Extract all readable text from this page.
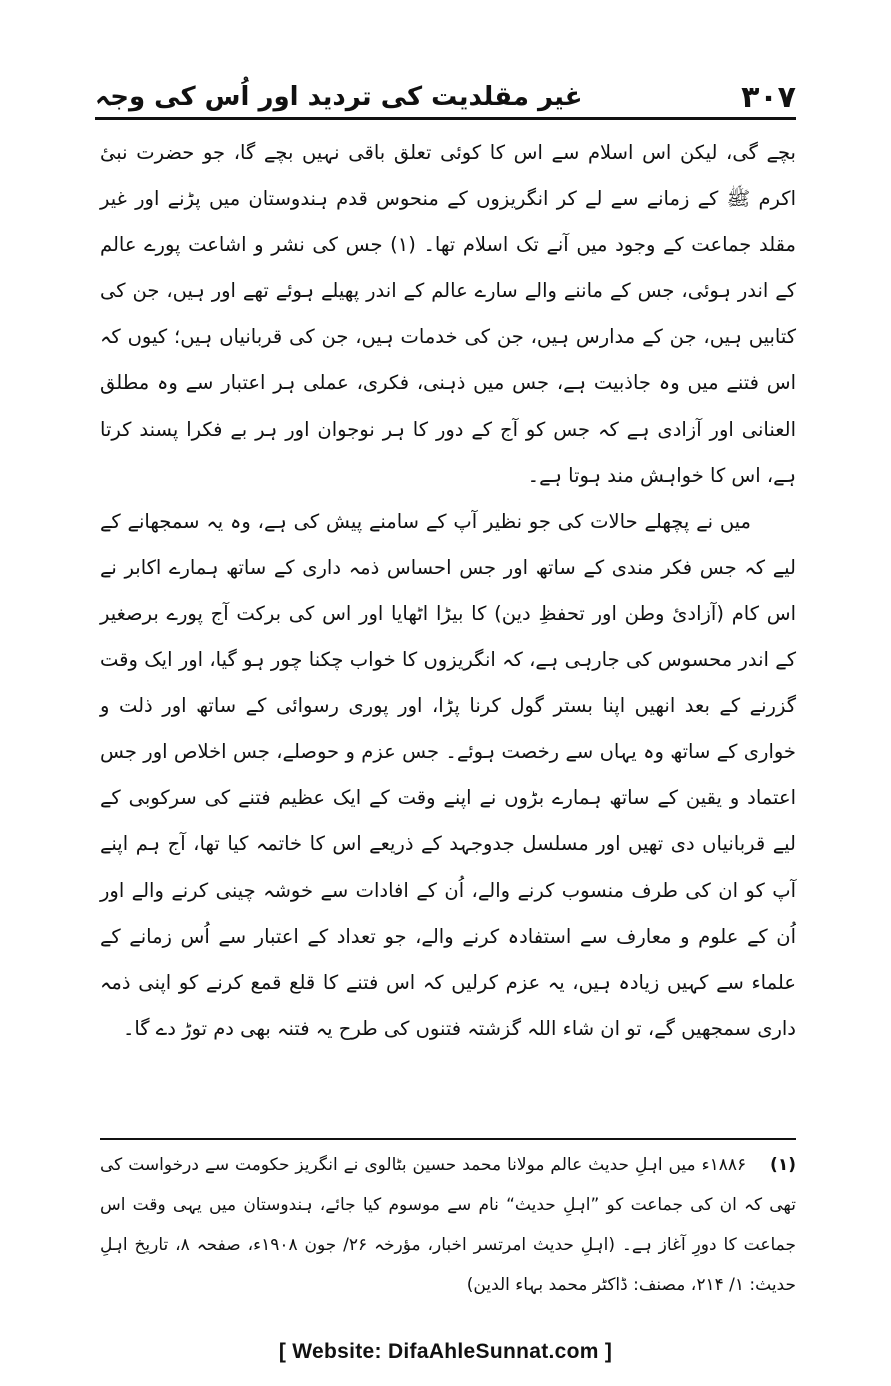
۳۰۷
غیر مقلدیت کی تردید اور اُس کی وجہ

بچے گی، لیکن اس اسلام سے اس کا کوئی تعلق باقی نہیں بچے گا، جو حضرت نبیٔ اکرم ﷺ کے زمانے سے لے کر انگریزوں کے منحوس قدم ہندوستان میں پڑنے اور غیر مقلد جماعت کے وجود میں آنے تک اسلام تھا۔ (۱) جس کی نشر و اشاعت پورے عالم کے اندر ہوئی، جس کے ماننے والے سارے عالم کے اندر پھیلے ہوئے تھے اور ہیں، جن کی کتابیں ہیں، جن کے مدارس ہیں، جن کی خدمات ہیں، جن کی قربانیاں ہیں؛ کیوں کہ اس فتنے میں وہ جاذبیت ہے، جس میں ذہنی، فکری، عملی ہر اعتبار سے وہ مطلق العنانی اور آزادی ہے کہ جس کو آج کے دور کا ہر نوجوان اور ہر بے فکرا پسند کرتا ہے، اس کا خواہش مند ہوتا ہے۔

میں نے پچھلے حالات کی جو نظیر آپ کے سامنے پیش کی ہے، وہ یہ سمجھانے کے لیے کہ جس فکر مندی کے ساتھ اور جس احساس ذمہ داری کے ساتھ ہمارے اکابر نے اس کام (آزادیٔ وطن اور تحفظِ دین) کا بیڑا اٹھایا اور اس کی برکت آج پورے برصغیر کے اندر محسوس کی جارہی ہے، کہ انگریزوں کا خواب چکنا چور ہو گیا، اور ایک وقت گزرنے کے بعد انھیں اپنا بستر گول کرنا پڑا، اور پوری رسوائی کے ساتھ اور ذلت و خواری کے ساتھ وہ یہاں سے رخصت ہوئے۔ جس عزم و حوصلے، جس اخلاص اور جس اعتماد و یقین کے ساتھ ہمارے بڑوں نے اپنے وقت کے ایک عظیم فتنے کی سرکوبی کے لیے قربانیاں دی تھیں اور مسلسل جدوجہد کے ذریعے اس کا خاتمہ کیا تھا، آج ہم اپنے آپ کو ان کی طرف منسوب کرنے والے، اُن کے افادات سے خوشہ چینی کرنے والے اور اُن کے علوم و معارف سے استفادہ کرنے والے، جو تعداد کے اعتبار سے اُس زمانے کے علماء سے کہیں زیادہ ہیں، یہ عزم کرلیں کہ اس فتنے کا قلع قمع کرنے کو اپنی ذمہ داری سمجھیں گے، تو ان شاء اللہ گزشتہ فتنوں کی طرح یہ فتنہ بھی دم توڑ دے گا۔

(۱) ۱۸۸۶ء میں اہلِ حدیث عالم مولانا محمد حسین بٹالوی نے انگریز حکومت سے درخواست کی تھی کہ ان کی جماعت کو ”اہلِ حدیث“ نام سے موسوم کیا جائے، ہندوستان میں یہی وقت اس جماعت کا دورِ آغاز ہے۔ (اہلِ حدیث امرتسر اخبار، مؤرخہ ۲۶/ جون ۱۹۰۸ء، صفحہ ۸، تاریخ اہلِ حدیث: ۱/ ۲۱۴، مصنف: ڈاکٹر محمد بہاء الدین)
[ Website: DifaAhleSunnat.com ]
